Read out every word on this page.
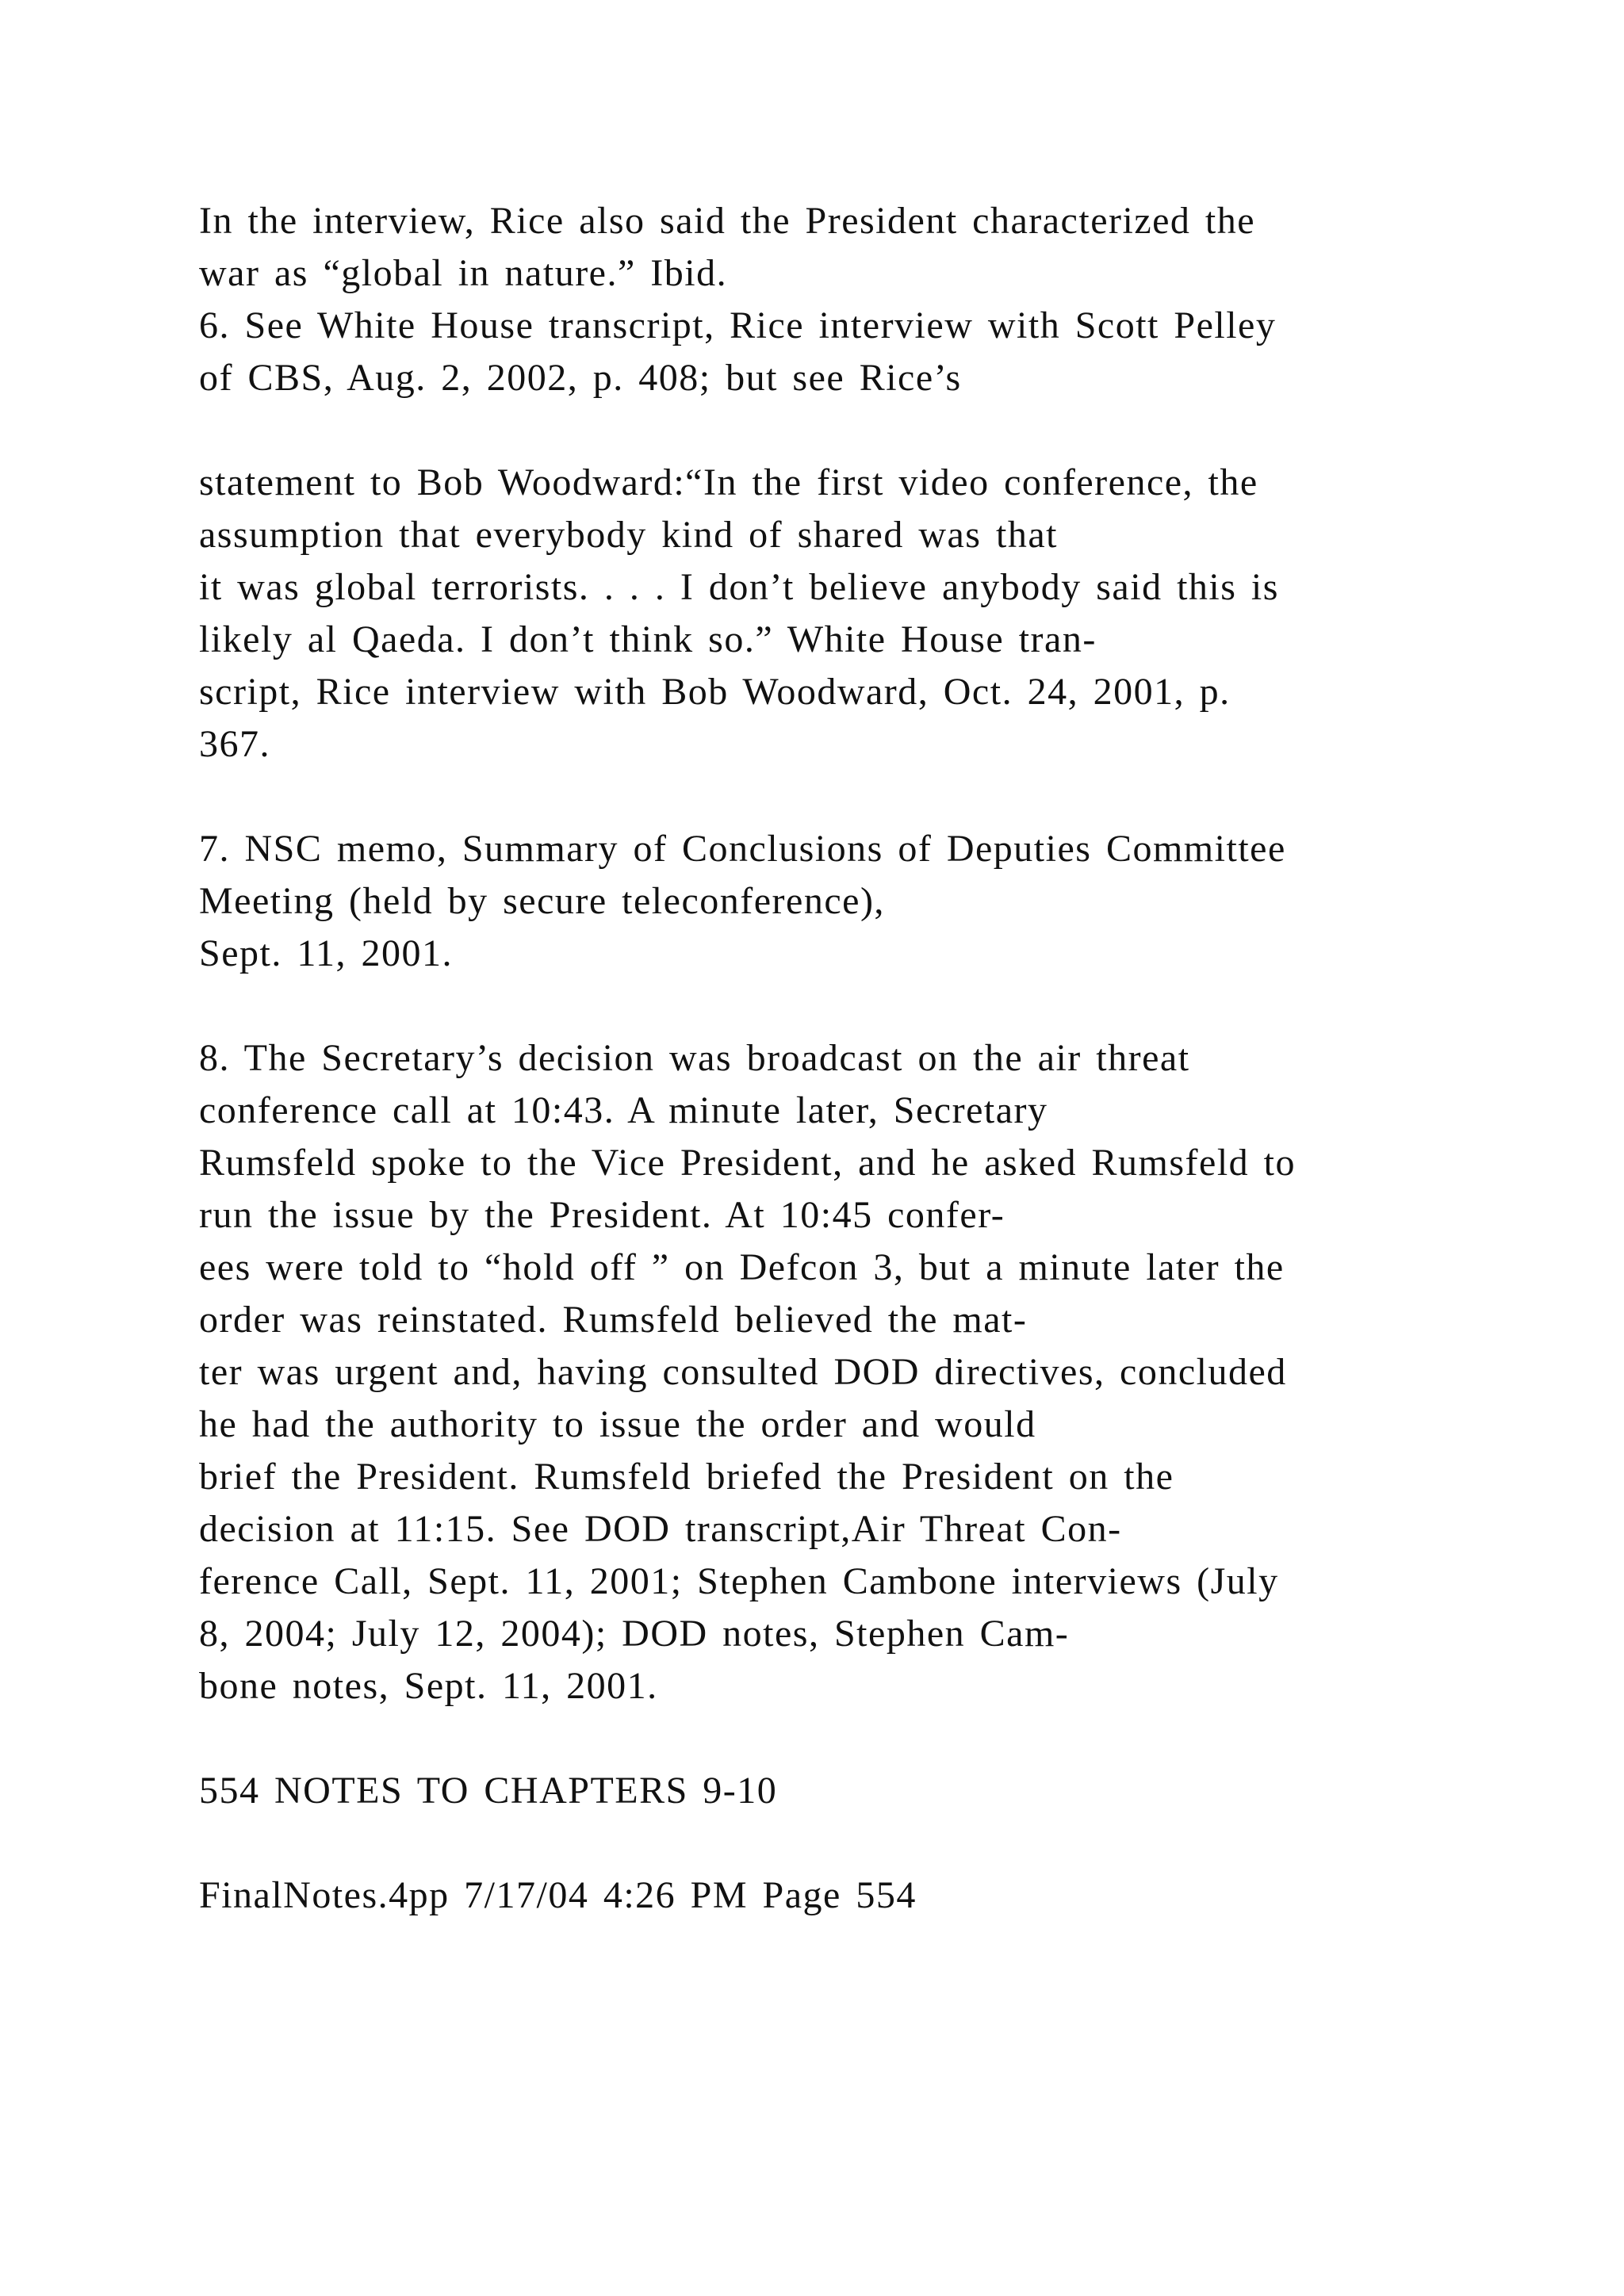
In the interview, Rice also said the President characterized the
war as “global in nature.” Ibid.
6. See White House transcript, Rice interview with Scott Pelley
of CBS, Aug. 2, 2002, p. 408; but see Rice’s
statement to Bob Woodward:“In the first video conference, the
assumption that everybody kind of shared was that
it was global terrorists. . . . I don’t believe anybody said this is
likely al Qaeda. I don’t think so.” White House tran-
script, Rice interview with Bob Woodward, Oct. 24, 2001, p.
367.
7. NSC memo, Summary of Conclusions of Deputies Committee
Meeting (held by secure teleconference),
Sept. 11, 2001.
8. The Secretary’s decision was broadcast on the air threat
conference call at 10:43. A minute later, Secretary
Rumsfeld spoke to the Vice President, and he asked Rumsfeld to
run the issue by the President. At 10:45 confer-
ees were told to “hold off ” on Defcon 3, but a minute later the
order was reinstated. Rumsfeld believed the mat-
ter was urgent and, having consulted DOD directives, concluded
he had the authority to issue the order and would
brief the President. Rumsfeld briefed the President on the
decision at 11:15. See DOD transcript,Air Threat Con-
ference Call, Sept. 11, 2001; Stephen Cambone interviews (July
8, 2004; July 12, 2004); DOD notes, Stephen Cam-
bone notes, Sept. 11, 2001.
554 NOTES TO CHAPTERS 9-10
FinalNotes.4pp 7/17/04 4:26 PM Page 554
